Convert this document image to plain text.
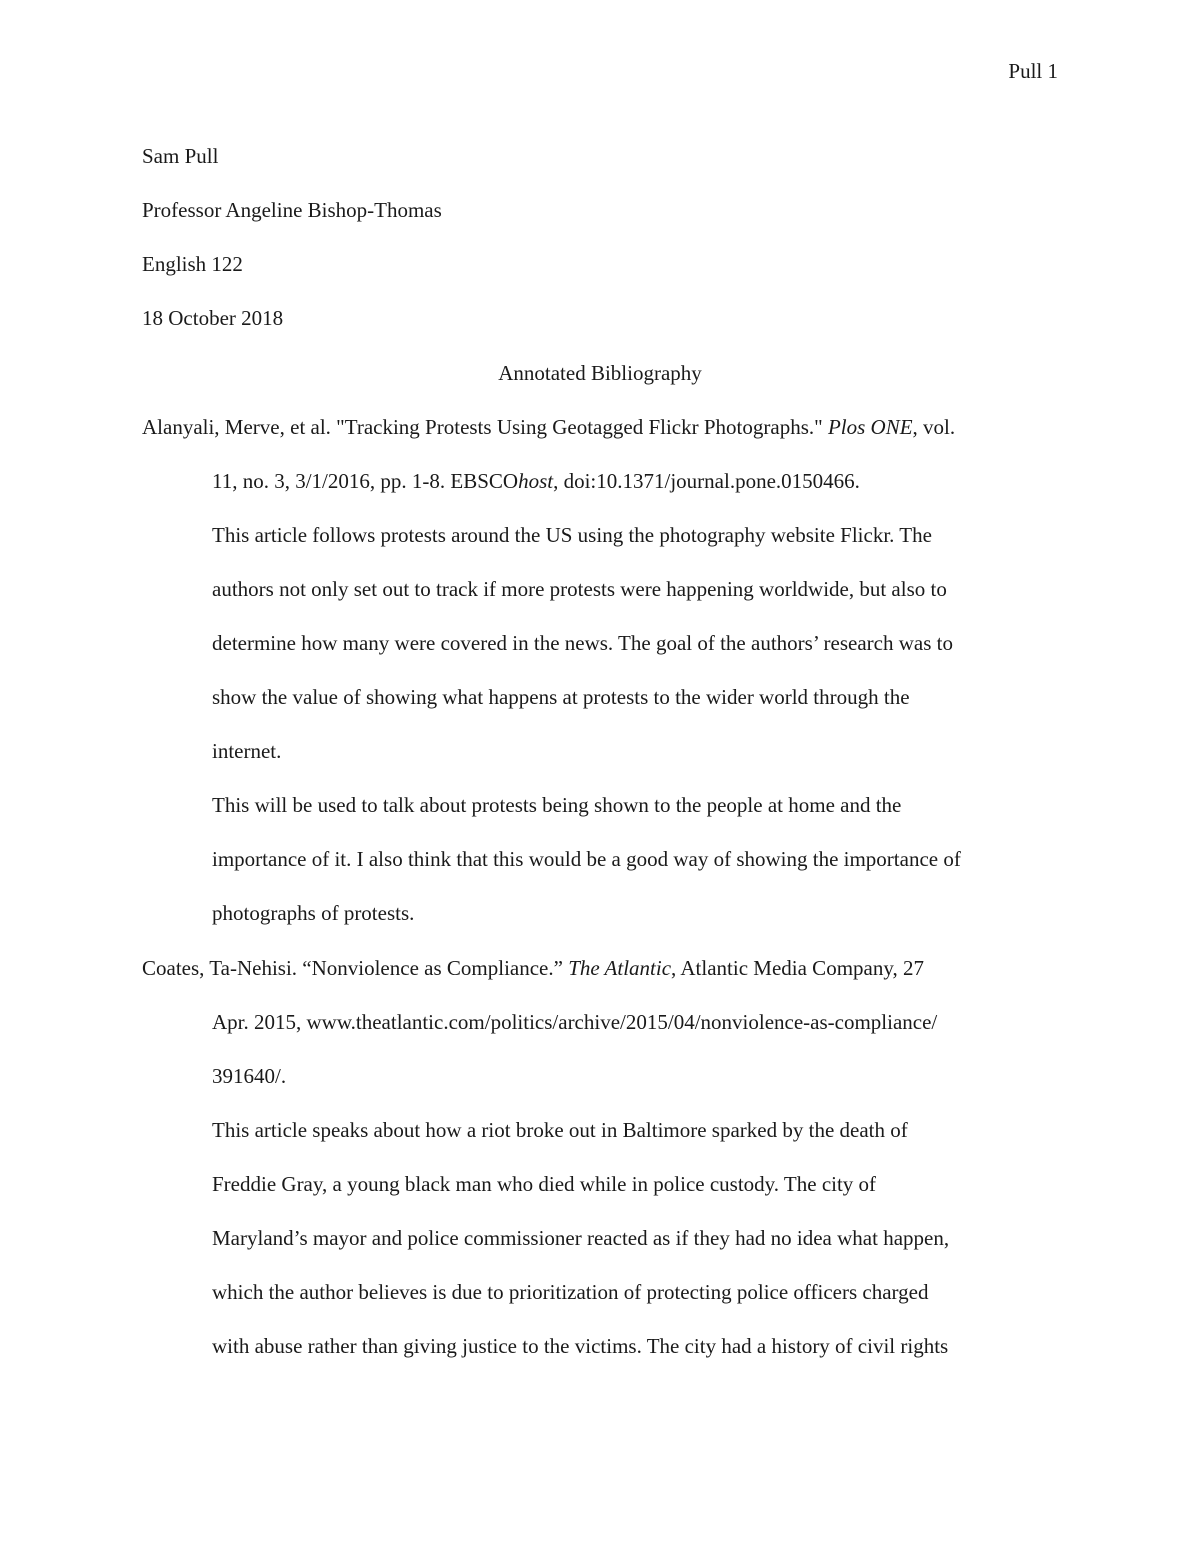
Pull 1
Sam Pull
Professor Angeline Bishop-Thomas
English 122
18 October 2018
Annotated Bibliography
Alanyali, Merve, et al. "Tracking Protests Using Geotagged Flickr Photographs." Plos ONE, vol.
11, no. 3, 3/1/2016, pp. 1-8. EBSCOhost, doi:10.1371/journal.pone.0150466.
This article follows protests around the US using the photography website Flickr. The
authors not only set out to track if more protests were happening worldwide, but also to
determine how many were covered in the news. The goal of the authors’ research was to
show the value of showing what happens at protests to the wider world through the
internet.
This will be used to talk about protests being shown to the people at home and the
importance of it. I also think that this would be a good way of showing the importance of
photographs of protests.
Coates, Ta-Nehisi. “Nonviolence as Compliance.” The Atlantic, Atlantic Media Company, 27
Apr. 2015, www.theatlantic.com/politics/archive/2015/04/nonviolence-as-compliance/
391640/.
This article speaks about how a riot broke out in Baltimore sparked by the death of
Freddie Gray, a young black man who died while in police custody. The city of
Maryland’s mayor and police commissioner reacted as if they had no idea what happen,
which the author believes is due to prioritization of protecting police officers charged
with abuse rather than giving justice to the victims. The city had a history of civil rights
